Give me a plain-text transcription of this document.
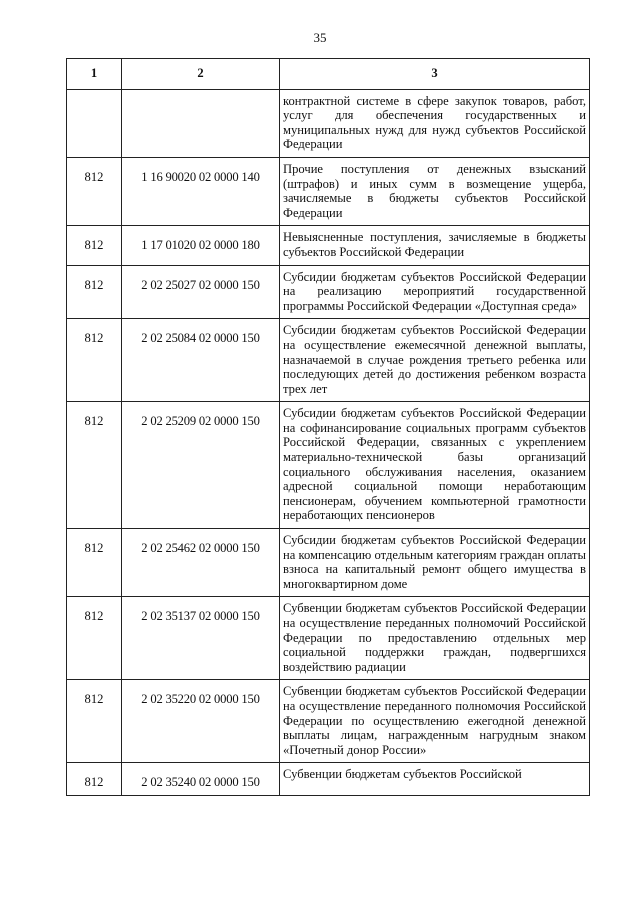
35
1	2	3
		контрактной системе в сфере закупок товаров, работ, услуг для обеспечения государственных и муниципальных нужд для нужд субъектов Российской Федерации
812	1 16 90020 02 0000 140	Прочие поступления от денежных взысканий (штрафов) и иных сумм в возмещение ущерба, зачисляемые в бюджеты субъектов Российской Федерации
812	1 17 01020 02 0000 180	Невыясненные поступления, зачисляемые в бюджеты субъектов Российской Федерации
812	2 02 25027 02 0000 150	Субсидии бюджетам субъектов Российской Федерации на реализацию мероприятий государственной программы Российской Федерации «Доступная среда»
812	2 02 25084 02 0000 150	Субсидии бюджетам субъектов Российской Федерации на осуществление ежемесячной денежной выплаты, назначаемой в случае рождения третьего ребенка или последующих детей до достижения ребенком возраста трех лет
812	2 02 25209 02 0000 150	Субсидии бюджетам субъектов Российской Федерации на софинансирование социальных программ субъектов Российской Федерации, связанных с укреплением материально-технической базы организаций социального обслуживания населения, оказанием адресной социальной помощи неработающим пенсионерам, обучением компьютерной грамотности неработающих пенсионеров
812	2 02 25462 02 0000 150	Субсидии бюджетам субъектов Российской Федерации на компенсацию отдельным категориям граждан оплаты взноса на капитальный ремонт общего имущества в многоквартирном доме
812	2 02 35137 02 0000 150	Субвенции бюджетам субъектов Российской Федерации на осуществление переданных полномочий Российской Федерации по предоставлению отдельных мер социальной поддержки граждан, подвергшихся воздействию радиации
812	2 02 35220 02 0000 150	Субвенции бюджетам субъектов Российской Федерации на осуществление переданного полномочия Российской Федерации по осуществлению ежегодной денежной выплаты лицам, награжденным нагрудным знаком «Почетный донор России»
812	2 02 35240 02 0000 150	Субвенции бюджетам субъектов Российской
